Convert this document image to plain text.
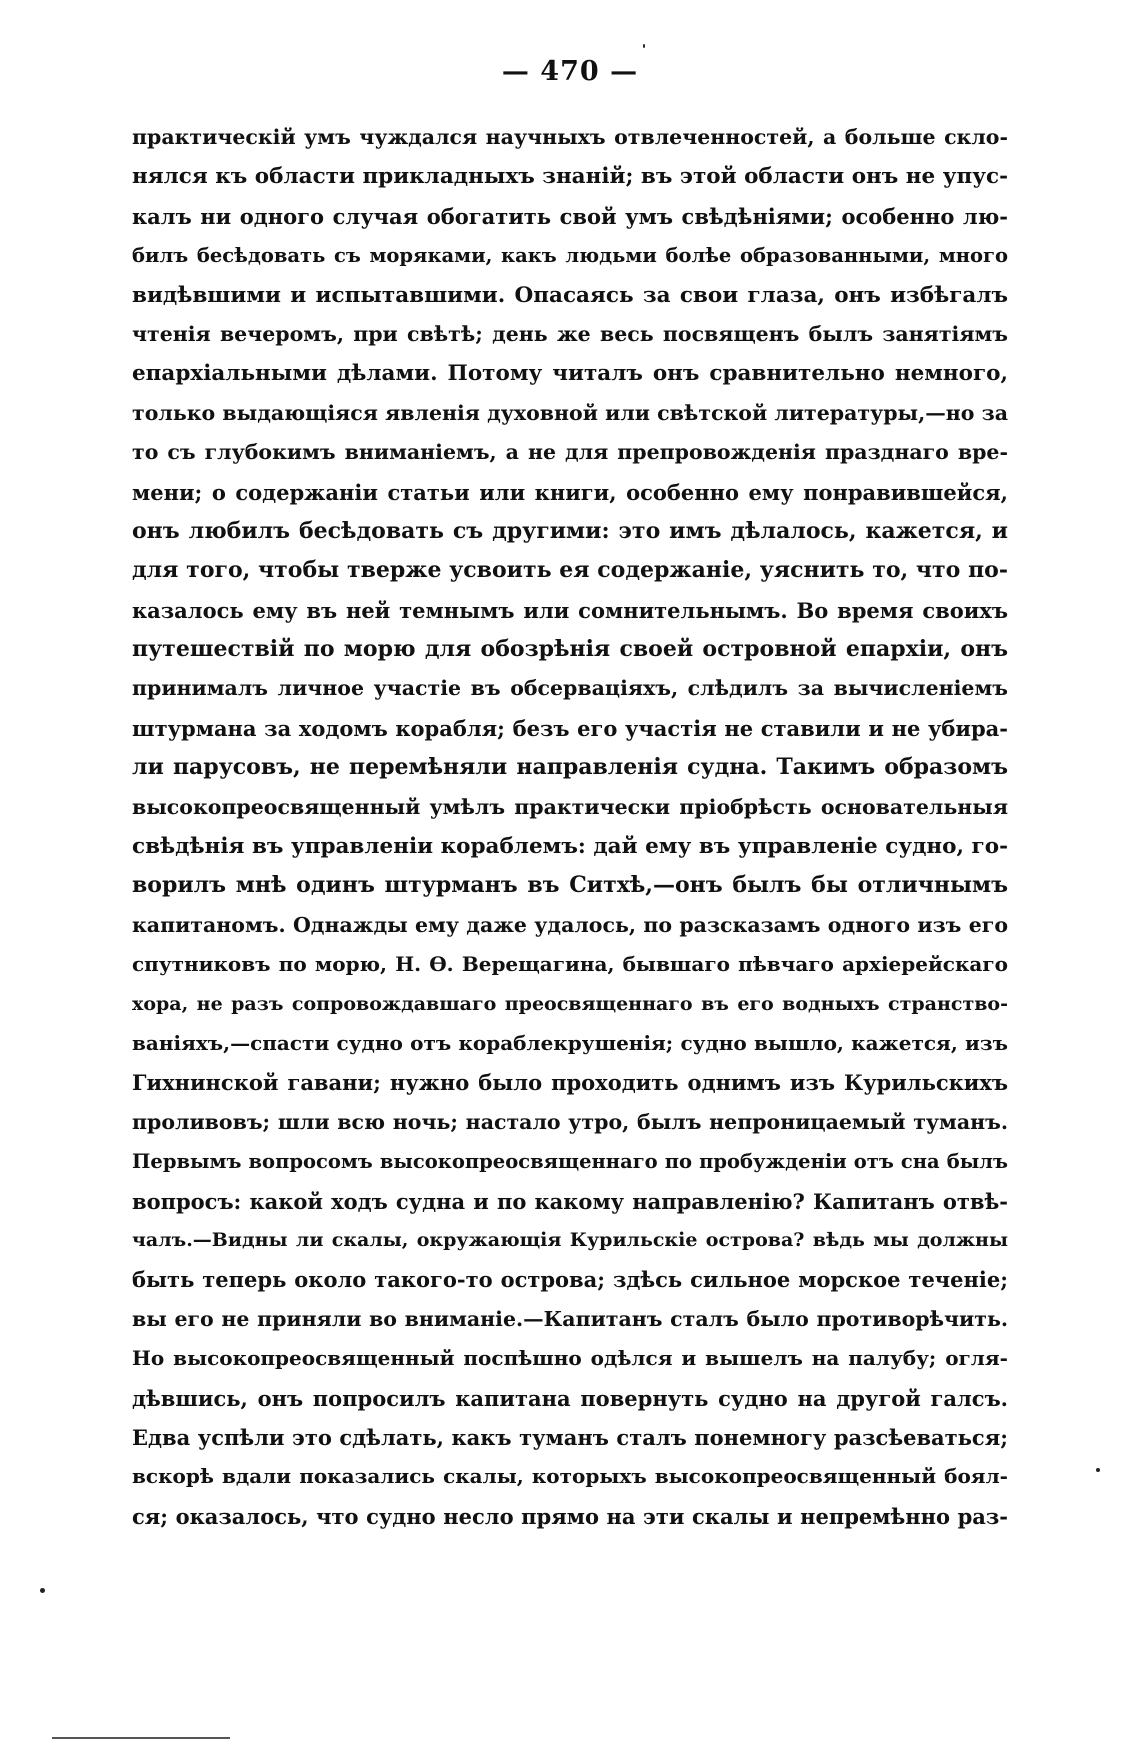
— 470 —
практическій умъ чуждался научныхъ отвлеченностей, а больше склo-
нялся къ области прикладныхъ знаній; въ этой области онъ не упус-
калъ ни одного случая обогатить свой умъ свѣдѣніями; особенно лю-
билъ бесѣдовать съ моряками, какъ людьми болѣе образованными, много
видѣвшими и испытавшими. Опасаясь за свои глаза, онъ избѣгалъ
чтенія вечеромъ, при свѣтѣ; день же весь посвященъ былъ занятіямъ
епархіальными дѣлами. Потому читалъ онъ сравнительно немного,
только выдающіяся явленія духовной или свѣтской литературы,—но за
то съ глубокимъ вниманіемъ, а не для препровожденія празднаго вре-
мени; о содержаніи статьи или книги, особенно ему понравившейся,
онъ любилъ бесѣдовать съ другими: это имъ дѣлалось, кажется, и
для того, чтобы тверже усвоить ея содержаніе, уяснить то, что по-
казалось ему въ ней темнымъ или сомнительнымъ. Во время своихъ
путешествій по морю для обозрѣнія своей островной епархіи, онъ
принималъ личное участіе въ обсерваціяхъ, слѣдилъ за вычисленіемъ
штурмана за ходомъ корабля; безъ его участія не ставили и не убира-
ли парусовъ, не перемѣняли направленія судна. Такимъ образомъ
высокопреосвященный умѣлъ практически пріобрѣсть основательныя
свѣдѣнія въ управленіи кораблемъ: дай ему въ управленіе судно, го-
ворилъ мнѣ одинъ штурманъ въ Ситхѣ,—онъ былъ бы отличнымъ
капитаномъ. Однажды ему даже удалось, по разсказамъ одного изъ его
спутниковъ по морю, Н. Ө. Верещагина, бывшаго пѣвчаго архіерейскаго
хора, не разъ сопровождавшаго преосвященнаго въ его водныхъ странство-
ваніяхъ,—спасти судно отъ кораблекрушенія; судно вышло, кажется, изъ
Гихнинской гавани; нужно было проходить однимъ изъ Курильскихъ
проливовъ; шли всю ночь; настало утро, былъ непроницаемый туманъ.
Первымъ вопросомъ высокопреосвященнаго по пробужденіи отъ сна былъ
вопросъ: какой ходъ судна и по какому направленію? Капитанъ отвѣ-
чалъ.—Видны ли скалы, окружающія Курильскіе острова? вѣдь мы должны
быть теперь около такого-то острова; здѣсь сильное морское теченіе;
вы его не приняли во вниманіе.—Капитанъ сталъ было противорѣчить.
Но высокопреосвященный поспѣшно одѣлся и вышелъ на палубу; огля-
дѣвшись, онъ попросилъ капитана повернуть судно на другой галсъ.
Едва успѣли это сдѣлать, какъ туманъ сталъ понемногу разсѣеваться;
вскорѣ вдали показались скалы, которыхъ высокопреосвященный боял-
ся; оказалось, что судно несло прямо на эти скалы и непремѣнно раз-
